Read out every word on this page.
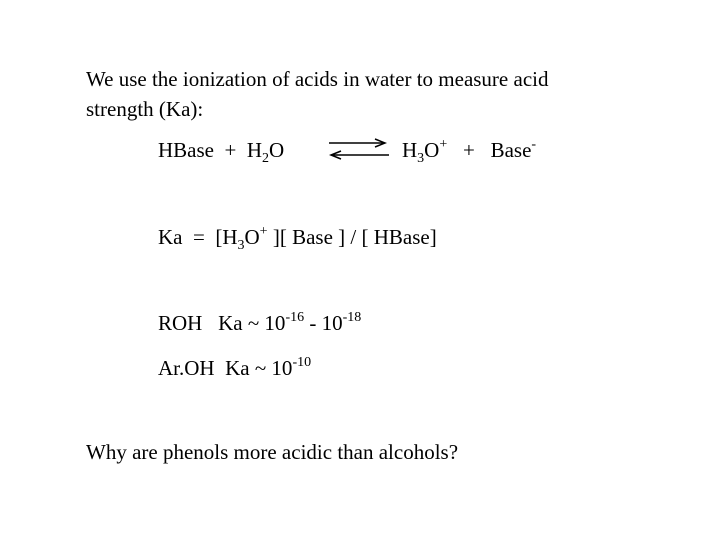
We use the ionization of acids in water to measure acid
strength (Ka):
HBase + $H_2O$	$H_3O^+$ + Base-
$Ka = [H_3O^+$ ][ Base ] / [ HBase]
ROH   Ka ~ $10^{-16} - 10^{-18}$
Ar.OH  Ka ~ $10^{-10}$
Why are phenols more acidic than alcohols?
